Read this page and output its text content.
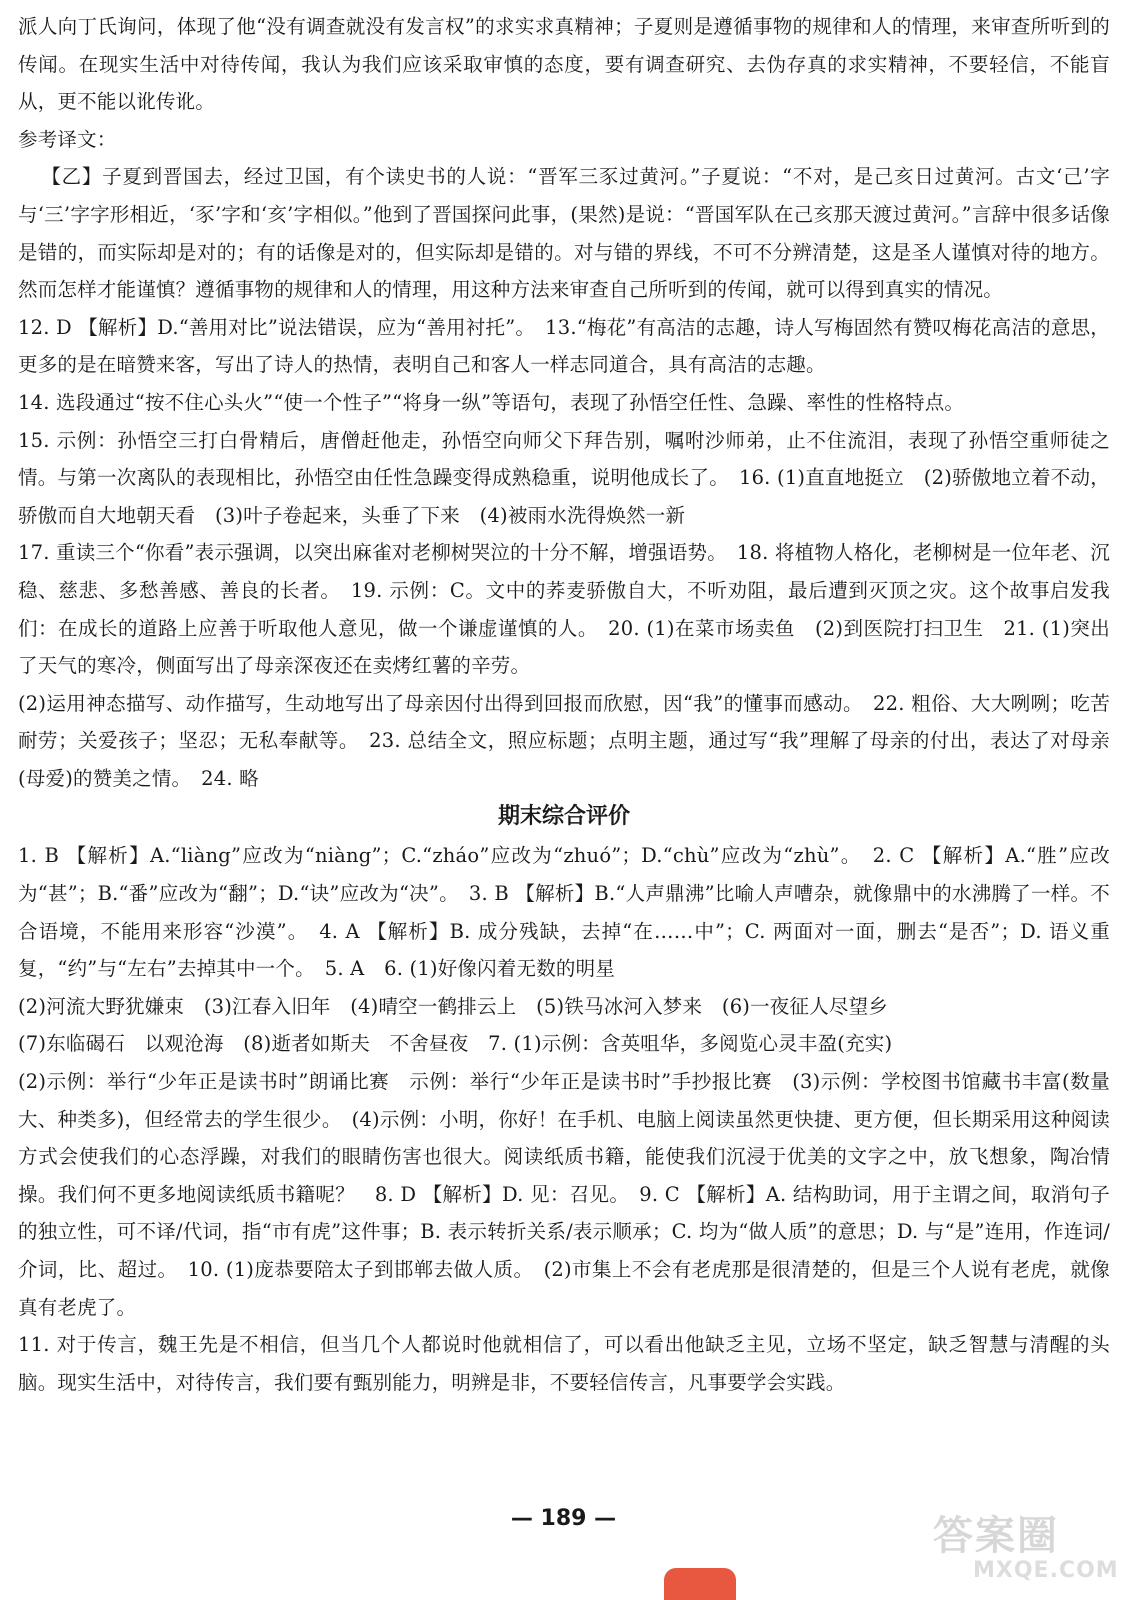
派人向丁氏询问，体现了他“没有调查就没有发言权”的求实求真精神；子夏则是遵循事物的规律和人的情理，来审查所听到的传闻。在现实生活中对待传闻，我认为我们应该采取审慎的态度，要有调查研究、去伪存真的求实精神，不要轻信，不能盲从，更不能以讹传讹。

参考译文：

【乙】子夏到晋国去，经过卫国，有个读史书的人说：“晋军三豕过黄河。”子夏说：“不对，是己亥日过黄河。古文‘己’字与‘三’字字形相近，‘豕’字和‘亥’字相似。”他到了晋国探问此事，(果然)是说：“晋国军队在己亥那天渡过黄河。”言辞中很多话像是错的，而实际却是对的；有的话像是对的，但实际却是错的。对与错的界线，不可不分辨清楚，这是圣人谨慎对待的地方。然而怎样才能谨慎？遵循事物的规律和人的情理，用这种方法来审查自己所听到的传闻，就可以得到真实的情况。

12. D 【解析】D.“善用对比”说法错误，应为“善用衬托”。　13.“梅花”有高洁的志趣，诗人写梅固然有赞叹梅花高洁的意思，更多的是在暗赞来客，写出了诗人的热情，表明自己和客人一样志同道合，具有高洁的志趣。

14. 选段通过“按不住心头火”“使一个性子”“将身一纵”等语句，表现了孙悟空任性、急躁、率性的性格特点。

15. 示例：孙悟空三打白骨精后，唐僧赶他走，孙悟空向师父下拜告别，嘱咐沙师弟，止不住流泪，表现了孙悟空重师徒之情。与第一次离队的表现相比，孙悟空由任性急躁变得成熟稳重，说明他成长了。　16. (1)直直地挺立　(2)骄傲地立着不动，骄傲而自大地朝天看　(3)叶子卷起来，头垂了下来　(4)被雨水洗得焕然一新

17. 重读三个“你看”表示强调，以突出麻雀对老柳树哭泣的十分不解，增强语势。　18. 将植物人格化，老柳树是一位年老、沉稳、慈悲、多愁善感、善良的长者。　19. 示例：C。文中的荞麦骄傲自大，不听劝阻，最后遭到灭顶之灾。这个故事启发我们：在成长的道路上应善于听取他人意见，做一个谦虚谨慎的人。　20. (1)在菜市场卖鱼　(2)到医院打扫卫生　21. (1)突出了天气的寒冷，侧面写出了母亲深夜还在卖烤红薯的辛劳。

(2)运用神态描写、动作描写，生动地写出了母亲因付出得到回报而欣慰，因“我”的懂事而感动。　22. 粗俗、大大咧咧；吃苦耐劳；关爱孩子；坚忍；无私奉献等。　23. 总结全文，照应标题；点明主题，通过写“我”理解了母亲的付出，表达了对母亲(母爱)的赞美之情。　24. 略

期末综合评价

1. B 【解析】A.“liàng”应改为“niàng”；C.“zháo”应改为“zhuó”；D.“chù”应改为“zhù”。　2. C 【解析】A.“胜”应改为“甚”；B.“番”应改为“翻”；D.“诀”应改为“决”。　3. B 【解析】B.“人声鼎沸”比喻人声嘈杂，就像鼎中的水沸腾了一样。不合语境，不能用来形容“沙漠”。　4. A 【解析】B. 成分残缺，去掉“在……中”；C. 两面对一面，删去“是否”；D. 语义重复，“约”与“左右”去掉其中一个。　5. A　6. (1)好像闪着无数的明星

(2)河流大野犹嫌束　(3)江春入旧年　(4)晴空一鹤排云上　(5)铁马冰河入梦来　(6)一夜征人尽望乡

(7)东临碣石　以观沧海　(8)逝者如斯夫　不舍昼夜　7. (1)示例：含英咀华，多阅览心灵丰盈(充实)

(2)示例：举行“少年正是读书时”朗诵比赛　示例：举行“少年正是读书时”手抄报比赛　(3)示例：学校图书馆藏书丰富(数量大、种类多)，但经常去的学生很少。　(4)示例：小明，你好！在手机、电脑上阅读虽然更快捷、更方便，但长期采用这种阅读方式会使我们的心态浮躁，对我们的眼睛伤害也很大。阅读纸质书籍，能使我们沉浸于优美的文字之中，放飞想象，陶冶情操。我们何不更多地阅读纸质书籍呢？　8. D 【解析】D. 见：召见。　9. C 【解析】A. 结构助词，用于主谓之间，取消句子的独立性，可不译/代词，指“市有虎”这件事；B. 表示转折关系/表示顺承；C. 均为“做人质”的意思；D. 与“是”连用，作连词/介词，比、超过。　10. (1)庞恭要陪太子到邯郸去做人质。　(2)市集上不会有老虎那是很清楚的，但是三个人说有老虎，就像真有老虎了。

11. 对于传言，魏王先是不相信，但当几个人都说时他就相信了，可以看出他缺乏主见，立场不坚定，缺乏智慧与清醒的头脑。现实生活中，对待传言，我们要有甄别能力，明辨是非，不要轻信传言，凡事要学会实践。

— 189 —	答案圈
MXQE.COM
